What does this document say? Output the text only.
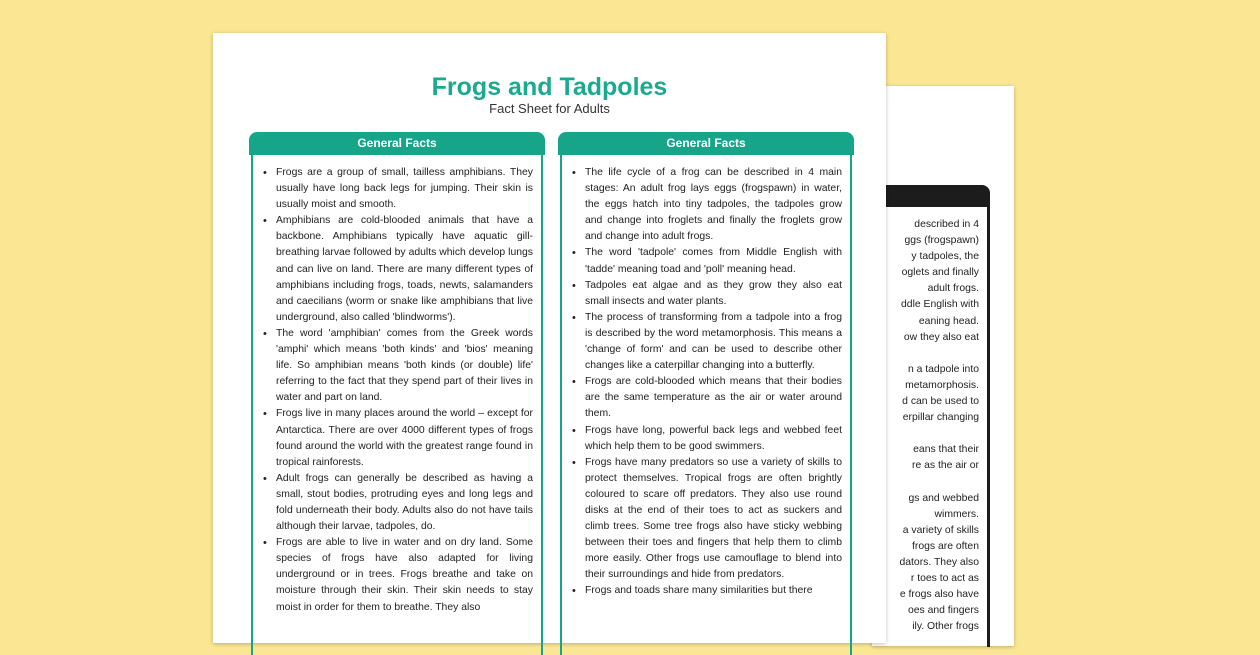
described in 4
ggs (frogspawn)
y tadpoles, the
oglets and finally
adult frogs.
ddle English with
eaning head.
ow they also eat
n a tadpole into
metamorphosis.
d can be used to
erpillar changing
eans that their
re as the air or
gs and webbed
wimmers.
a variety of skills
frogs are often
dators. They also
r toes to act as
e frogs also have
oes and fingers
ily. Other frogs
Frogs and Tadpoles
Fact Sheet for Adults
General Facts
• Frogs are a group of small, tailless amphibians. They usually have long back legs for jumping. Their skin is usually moist and smooth.
• Amphibians are cold-blooded animals that have a backbone. Amphibians typically have aquatic gill-breathing larvae followed by adults which develop lungs and can live on land. There are many different types of amphibians including frogs, toads, newts, salamanders and caecilians (worm or snake like amphibians that live underground, also called 'blindworms').
• The word 'amphibian' comes from the Greek words 'amphi' which means 'both kinds' and 'bios' meaning life. So amphibian means 'both kinds (or double) life' referring to the fact that they spend part of their lives in water and part on land.
• Frogs live in many places around the world – except for Antarctica. There are over 4000 different types of frogs found around the world with the greatest range found in tropical rainforests.
• Adult frogs can generally be described as having a small, stout bodies, protruding eyes and long legs and fold underneath their body. Adults also do not have tails although their larvae, tadpoles, do.
• Frogs are able to live in water and on dry land. Some species of frogs have also adapted for living underground or in trees. Frogs breathe and take on moisture through their skin. Their skin needs to stay moist in order for them to breathe. They also
General Facts
• The life cycle of a frog can be described in 4 main stages: An adult frog lays eggs (frogspawn) in water, the eggs hatch into tiny tadpoles, the tadpoles grow and change into froglets and finally the froglets grow and change into adult frogs.
• The word 'tadpole' comes from Middle English with 'tadde' meaning toad and 'poll' meaning head.
• Tadpoles eat algae and as they grow they also eat small insects and water plants.
• The process of transforming from a tadpole into a frog is described by the word metamorphosis. This means a 'change of form' and can be used to describe other changes like a caterpillar changing into a butterfly.
• Frogs are cold-blooded which means that their bodies are the same temperature as the air or water around them.
• Frogs have long, powerful back legs and webbed feet which help them to be good swimmers.
• Frogs have many predators so use a variety of skills to protect themselves. Tropical frogs are often brightly coloured to scare off predators. They also use round disks at the end of their toes to act as suckers and climb trees. Some tree frogs also have sticky webbing between their toes and fingers that help them to climb more easily. Other frogs use camouflage to blend into their surroundings and hide from predators.
• Frogs and toads share many similarities but there
